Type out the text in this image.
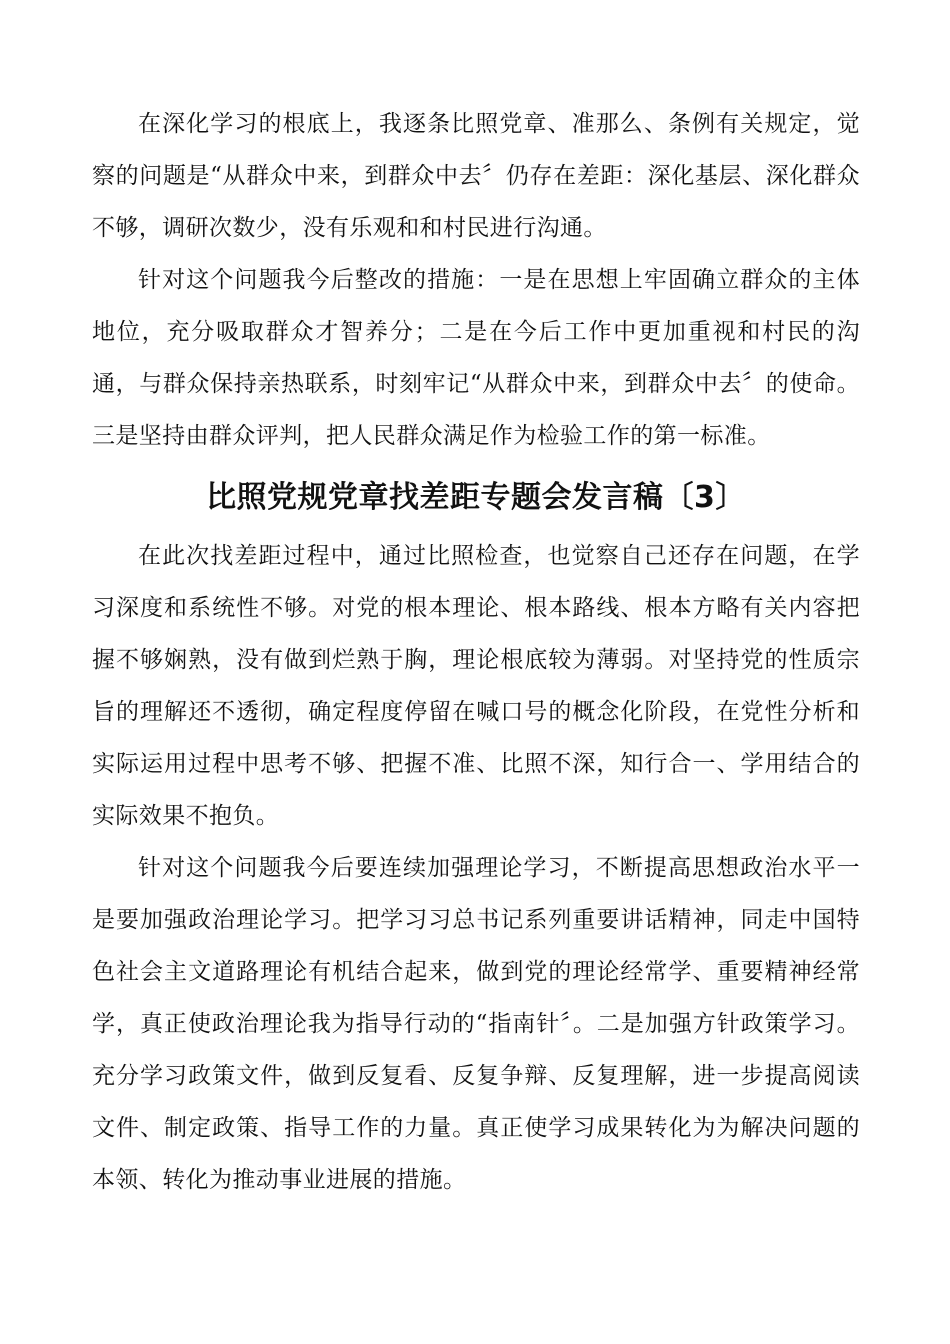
在深化学习的根底上，我逐条比照党章、准那么、条例有关规定，觉察的问题是“从群众中来，到群众中去〞仍存在差距：深化基层、深化群众不够，调研次数少，没有乐观和和村民进行沟通。

针对这个问题我今后整改的措施：一是在思想上牢固确立群众的主体地位，充分吸取群众才智养分；二是在今后工作中更加重视和村民的沟通，与群众保持亲热联系，时刻牢记“从群众中来，到群众中去〞的使命。三是坚持由群众评判，把人民群众满足作为检验工作的第一标准。

比照党规党章找差距专题会发言稿〔3〕

在此次找差距过程中，通过比照检查，也觉察自己还存在问题，在学习深度和系统性不够。对党的根本理论、根本路线、根本方略有关内容把握不够娴熟，没有做到烂熟于胸，理论根底较为薄弱。对坚持党的性质宗旨的理解还不透彻，确定程度停留在喊口号的概念化阶段，在党性分析和实际运用过程中思考不够、把握不准、比照不深，知行合一、学用结合的实际效果不抱负。

针对这个问题我今后要连续加强理论学习，不断提高思想政治水平一是要加强政治理论学习。把学习习总书记系列重要讲话精神，同走中国特色社会主文道路理论有机结合起来，做到党的理论经常学、重要精神经常学，真正使政治理论我为指导行动的“指南针〞。二是加强方针政策学习。充分学习政策文件，做到反复看、反复争辩、反复理解，进一步提高阅读文件、制定政策、指导工作的力量。真正使学习成果转化为为解决问题的本领、转化为推动事业进展的措施。
